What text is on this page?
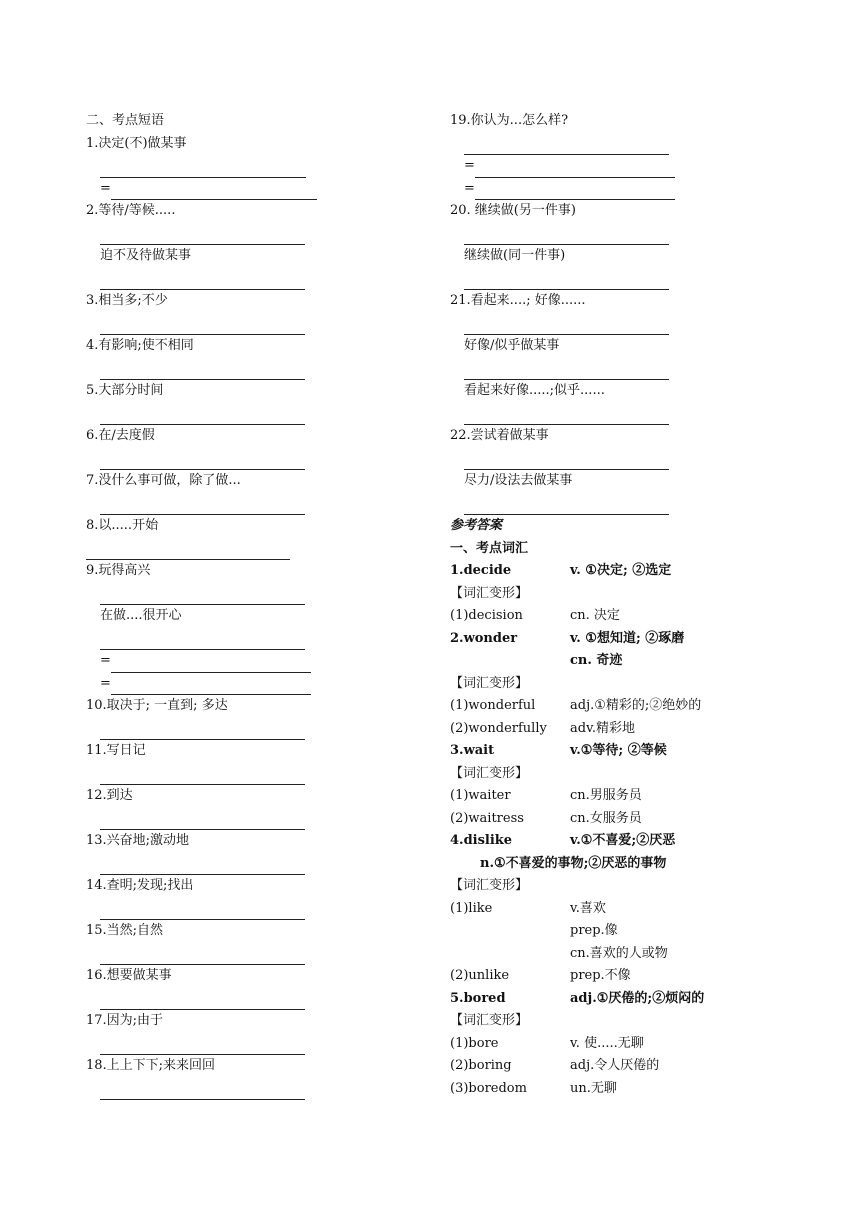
二、考点短语
1.决定(不)做某事
=
2.等待/等候.....
迫不及待做某事
3.相当多;不少
4.有影响;使不相同
5.大部分时间
6.在/去度假
7.没什么事可做，除了做...
8.以.....开始
9.玩得高兴
在做....很开心
=
=
10.取决于; 一直到; 多达
11.写日记
12.到达
13.兴奋地;激动地
14.查明;发现;找出
15.当然;自然
16.想要做某事
17.因为;由于
18.上上下下;来来回回
19.你认为...怎么样?
=
=
20. 继续做(另一件事)
继续做(同一件事)
21.看起来....; 好像......
好像/似乎做某事
看起来好像.....;似乎......
22.尝试着做某事
尽力/设法去做某事
参考答案
一、考点词汇
1.decide	v. ①决定; ②选定
【词汇变形】
(1)decision	cn. 决定
2.wonder	v. ①想知道; ②琢磨
cn. 奇迹
【词汇变形】
(1)wonderful	adj.①精彩的;②绝妙的
(2)wonderfully adv.精彩地
3.wait	v.①等待; ②等候
【词汇变形】
(1)waiter	cn.男服务员
(2)waitress	cn.女服务员
4.dislike	v.①不喜爱;②厌恶
n.①不喜爱的事物;②厌恶的事物
【词汇变形】
(1)like	v.喜欢
prep.像
cn.喜欢的人或物
(2)unlike	prep.不像
5.bored	adj.①厌倦的;②烦闷的
【词汇变形】
(1)bore	v. 使.....无聊
(2)boring	adj.令人厌倦的
(3)boredom	un.无聊
